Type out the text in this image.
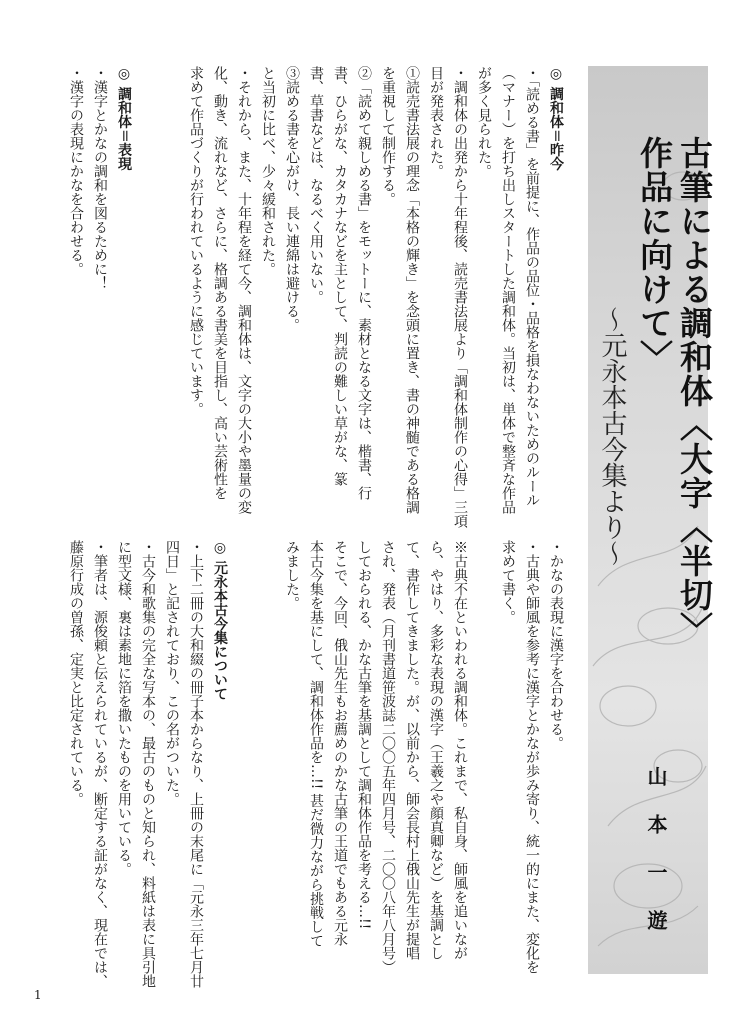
古筆による調和体〈大字〈半切〉作品に向けて〉
〜元永本古今集より〜
山本一遊
◎ 調和体＝昨今
・「読める書」を前提に、作品の品位・品格を損なわないためのルール
（マナー）を打ち出しスタートした調和体。当初は、単体で整斉な作品
が多く見られた。
・調和体の出発から十年程後、読売書法展より「調和体制作の心得」三項
目が発表された。
①読売書法展の理念「本格の輝き」を念頭に置き、書の神髄である格調
を重視して制作する。
②「読めて親しめる書」をモットーに、素材となる文字は、楷書、行
書、ひらがな、カタカナなどを主として、判読の難しい草がな、篆
書、草書などは、なるべく用いない。
③読める書を心がけ、長い連綿は避ける。
と当初に比べ、少々緩和された。
・それから、また、十年程を経て今、調和体は、文字の大小や墨量の変
化、動き、流れなど、さらに、格調ある書美を目指し、高い芸術性を
求めて作品づくりが行われているように感じています。
◎ 調和体＝表現
・漢字とかなの調和を図るために！
・漢字の表現にかなを合わせる。
・かなの表現に漢字を合わせる。
・古典や師風を参考に漢字とかなが歩み寄り、統一的にまた、変化を
求めて書く。
※古典不在といわれる調和体。これまで、私自身、師風を追いなが
ら、やはり、多彩な表現の漢字（王羲之や顔真卿など）を基調とし
て、書作してきました。が、以前から、師会長村上俄山先生が提唱
され、発表（月刊書道笹波誌二〇〇五年四月号、二〇〇八年八月号）
しておられる、かな古筆を基調として調和体作品を考える…!!
そこで、今回、俄山先生もお薦めのかな古筆の王道でもある元永
本古今集を基にして、調和体作品を…!! 甚だ微力ながら挑戦して
みました。
◎ 元永本古今集について
・上下二冊の大和綴の冊子本からなり、上冊の末尾に「元永三年七月廿
四日」と記されており、この名がついた。
・古今和歌集の完全な写本の、最古のものと知られ、料紙は表に具引地
に型文様、裏は素地に箔を撒いたものを用いている。
・筆者は、源俊頼と伝えられているが、断定する証がなく、現在では、
藤原行成の曽孫、定実と比定されている。
1
